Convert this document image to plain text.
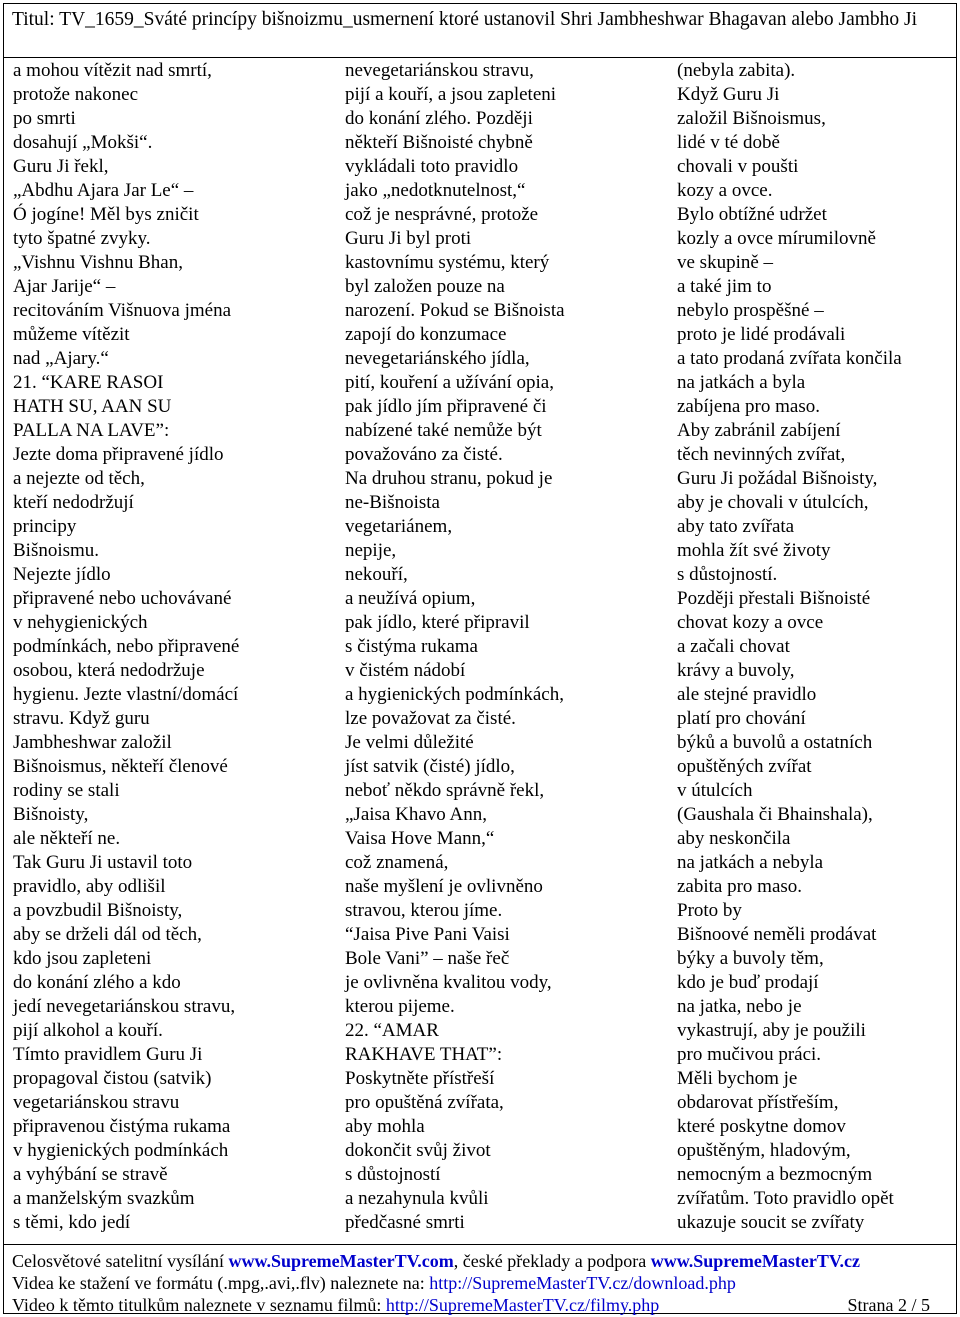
Titul: TV_1659_Sváté princípy bišnoizmu_usmernení ktoré ustanovil Shri Jambheshwar Bhagavan alebo Jambho Ji
a mohou vítězit nad smrtí,
protože nakonec
po smrti
dosahují „Mokši“.
Guru Ji řekl,
„Abdhu Ajara Jar Le“ –
Ó jogíne! Měl bys zničit
tyto špatné zvyky.
„Vishnu Vishnu Bhan,
Ajar Jarije“ –
recitováním Višnuova jména
můžeme vítězit
nad „Ajary.“
21. “KARE RASOI
HATH SU, AAN SU
PALLA NA LAVE”:
Jezte doma připravené jídlo
a nejezte od těch,
kteří nedodržují
principy
Bišnoismu.
Nejezte jídlo
připravené nebo uchovávané
v nehygienických
podmínkách, nebo připravené
osobou, která nedodržuje
hygienu. Jezte vlastní/domácí
stravu. Když guru
Jambheshwar založil
Bišnoismus, někteří členové
rodiny se stali
Bišnoisty,
ale někteří ne.
Tak Guru Ji ustavil toto
pravidlo, aby odlišil
a povzbudil Bišnoisty,
aby se drželi dál od těch,
kdo jsou zapleteni
do konání zlého a kdo
jedí nevegetariánskou stravu,
pijí alkohol a kouří.
Tímto pravidlem Guru Ji
propagoval čistou (satvik)
vegetariánskou stravu
připravenou čistýma rukama
v hygienických podmínkách
a vyhýbání se stravě
a manželským svazkům
s těmi, kdo jedí
nevegetariánskou stravu,
pijí a kouří, a jsou zapleteni
do konání zlého. Později
někteří Bišnoisté chybně
vykládali toto pravidlo
jako „nedotknutelnost,“
což je nesprávné, protože
Guru Ji byl proti
kastovnímu systému, který
byl založen pouze na
narození. Pokud se Bišnoista
zapojí do konzumace
nevegetariánského jídla,
pití, kouření a užívání opia,
pak jídlo jím připravené či
nabízené také nemůže být
považováno za čisté.
Na druhou stranu, pokud je
ne-Bišnoista
vegetariánem,
nepije,
nekouří,
a neužívá opium,
pak jídlo, které připravil
s čistýma rukama
v čistém nádobí
a hygienických podmínkách,
lze považovat za čisté.
Je velmi důležité
jíst satvik (čisté) jídlo,
neboť někdo správně řekl,
„Jaisa Khavo Ann,
Vaisa Hove Mann,“
což znamená,
naše myšlení je ovlivněno
stravou, kterou jíme.
“Jaisa Pive Pani Vaisi
Bole Vani” – naše řeč
je ovlivněna kvalitou vody,
kterou pijeme.
22. “AMAR
RAKHAVE THAT”:
Poskytněte přístřeší
pro opuštěná zvířata,
aby mohla
dokončit svůj život
s důstojností
a nezahynula kvůli
předčasné smrti
(nebyla zabita).
Když Guru Ji
založil Bišnoismus,
lidé v té době
chovali v poušti
kozy a ovce.
Bylo obtížné udržet
kozly a ovce mírumilovně
ve skupině –
a také jim to
nebylo prospěšné –
proto je lidé prodávali
a tato prodaná zvířata končila
na jatkách a byla
zabíjena pro maso.
Aby zabránil zabíjení
těch nevinných zvířat,
Guru Ji požádal Bišnoisty,
aby je chovali v útulcích,
aby tato zvířata
mohla žít své životy
s důstojností.
Později přestali Bišnoisté
chovat kozy a ovce
a začali chovat
krávy a buvoly,
ale stejné pravidlo
platí pro chování
býků a buvolů a ostatních
opuštěných zvířat
v útulcích
(Gaushala či Bhainshala),
aby neskončila
na jatkách a nebyla
zabita pro maso.
Proto by
Bišnoové neměli prodávat
býky a buvoly těm,
kdo je buď prodají
na jatka, nebo je
vykastrují, aby je použili
pro mučivou práci.
Měli bychom je
obdarovat přístřeším,
které poskytne domov
opuštěným, hladovým,
nemocným a bezmocným
zvířatům. Toto pravidlo opět
ukazuje soucit se zvířaty
Celosvětové satelitní vysílání www.SupremeMasterTV.com, české překlady a podpora www.SupremeMasterTV.cz
Videa ke stažení ve formátu (.mpg,.avi,.flv) naleznete na: http://SupremeMasterTV.cz/download.php
Video k těmto titulkům naleznete v seznamu filmů: http://SupremeMasterTV.cz/filmy.php	Strana 2 / 5
